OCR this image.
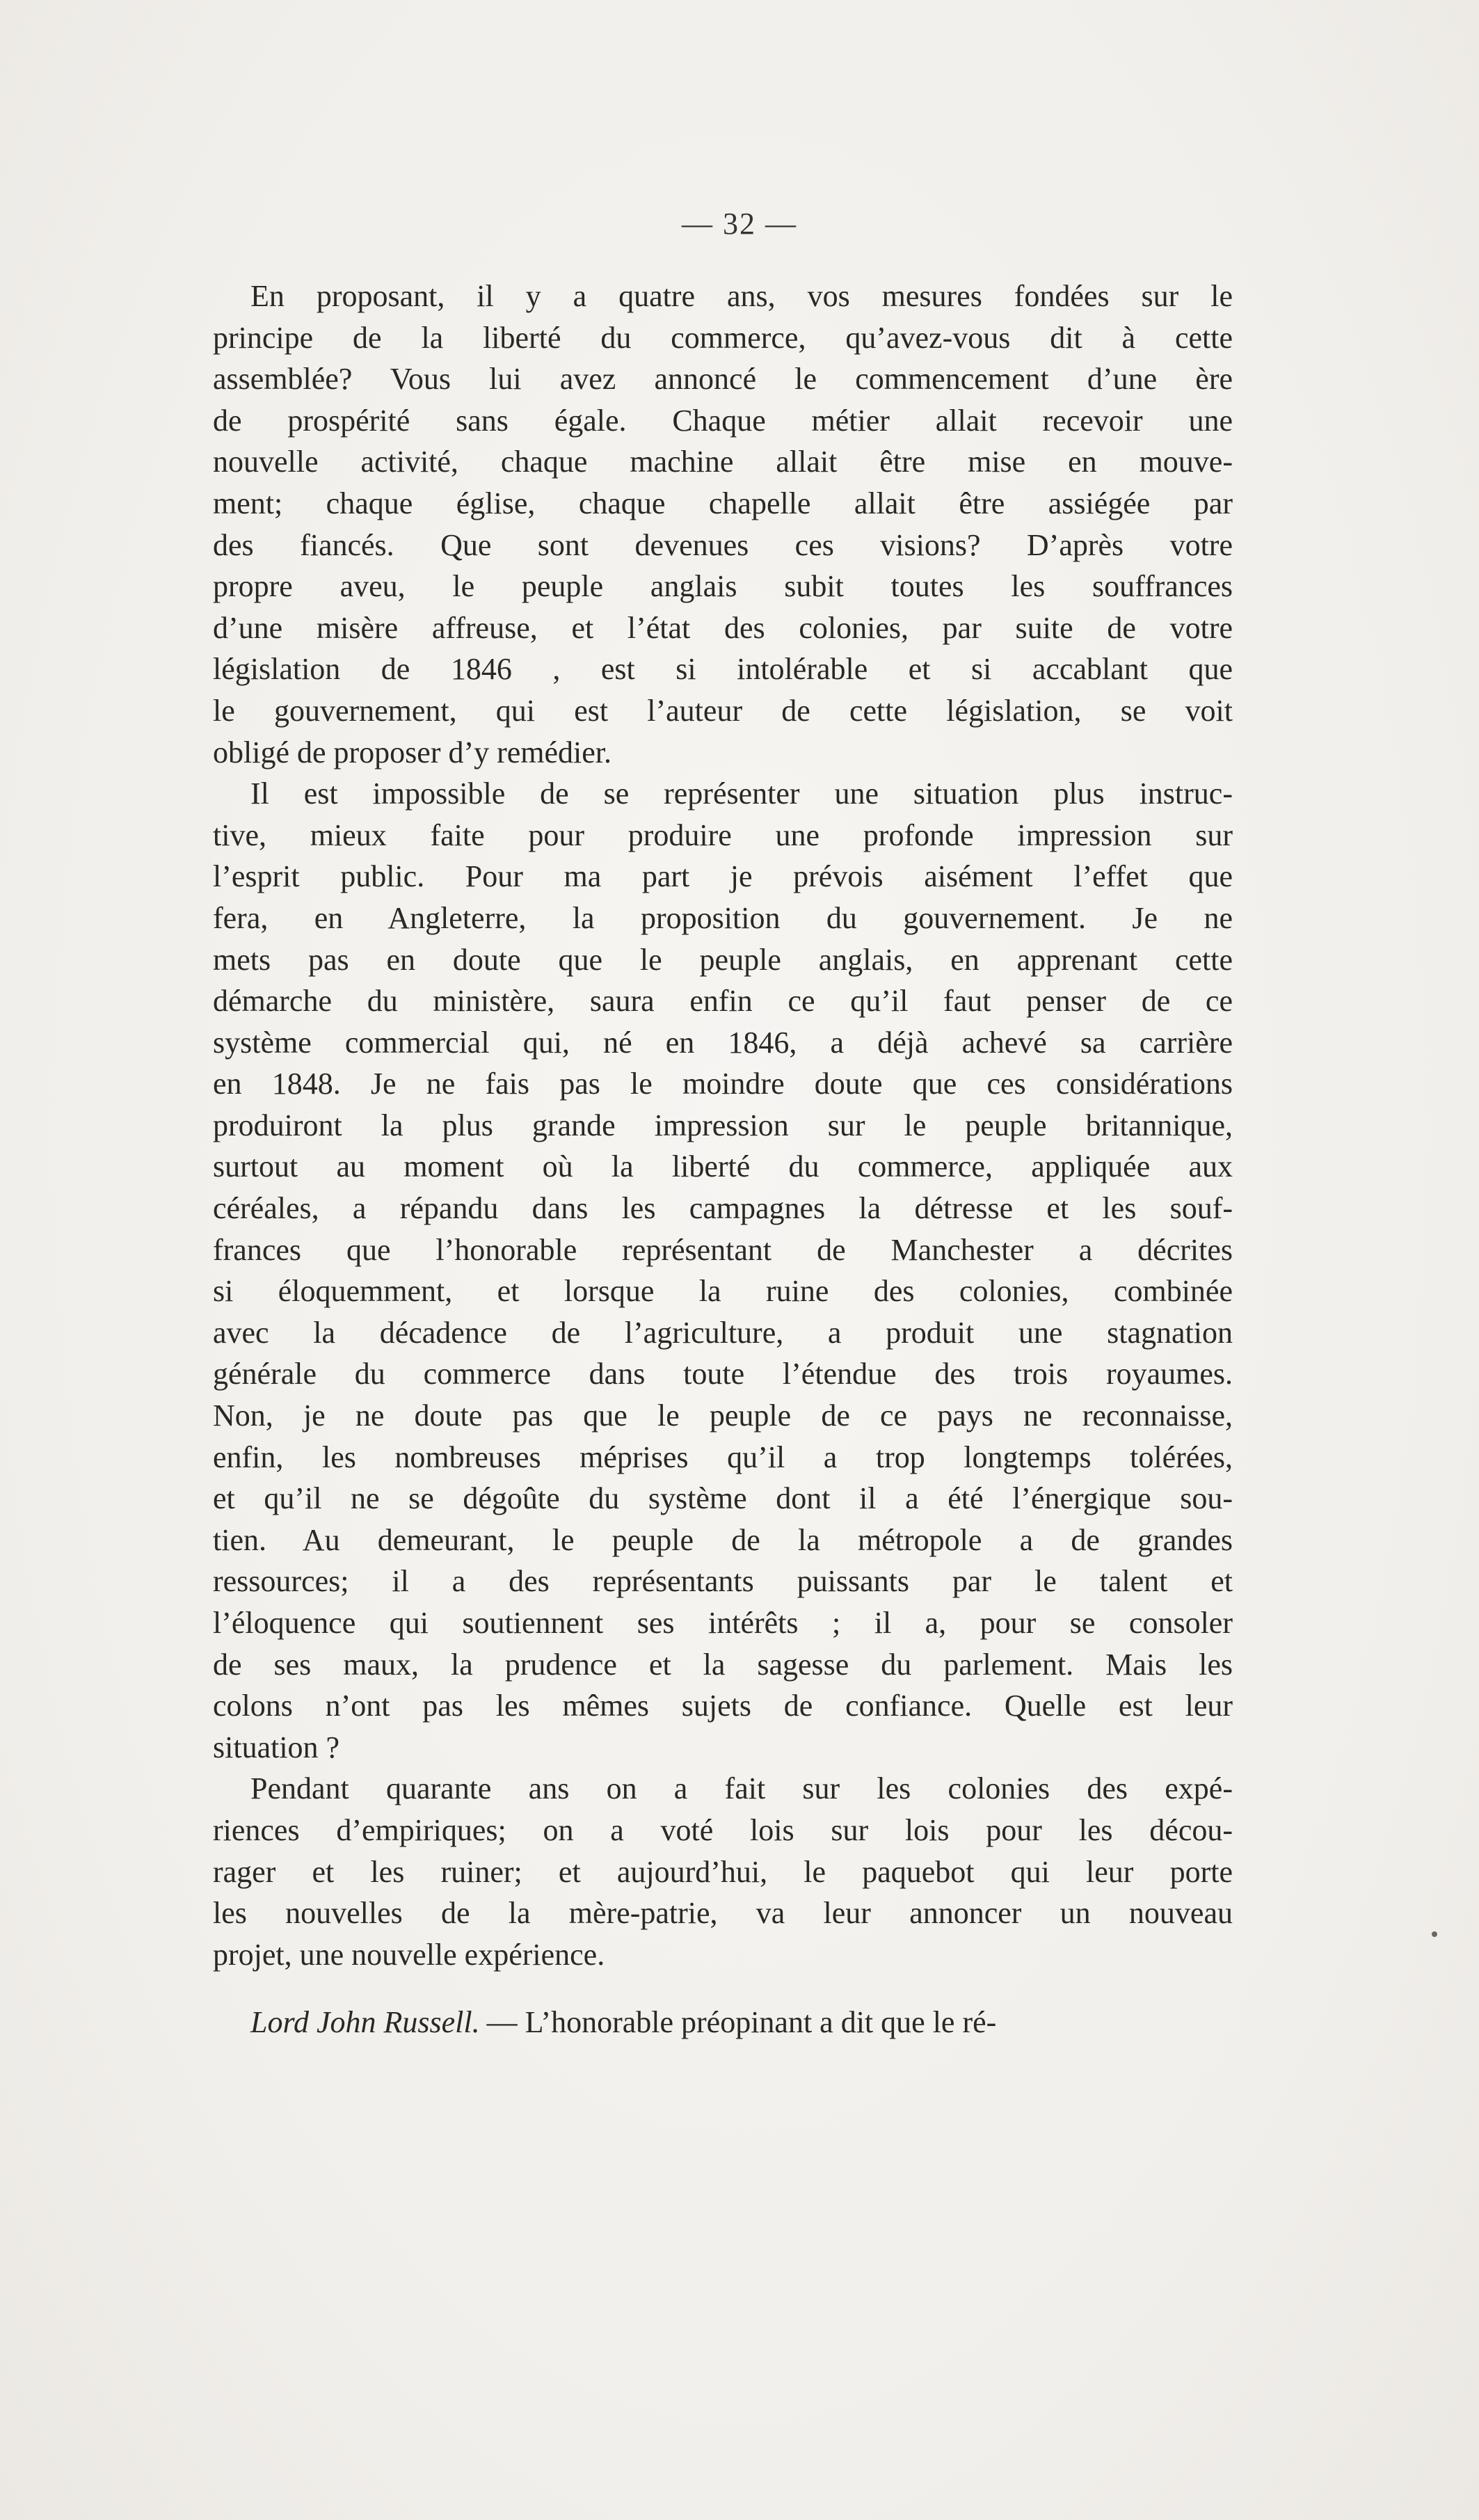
— 32 —
En proposant, il y a quatre ans, vos mesures fondées sur le
principe de la liberté du commerce, qu’avez-vous dit à cette
assemblée? Vous lui avez annoncé le commencement d’une ère
de prospérité sans égale. Chaque métier allait recevoir une
nouvelle activité, chaque machine allait être mise en mouve-
ment; chaque église, chaque chapelle allait être assiégée par
des fiancés. Que sont devenues ces visions? D’après votre
propre aveu, le peuple anglais subit toutes les souffrances
d’une misère affreuse, et l’état des colonies, par suite de votre
législation de 1846 , est si intolérable et si accablant que
le gouvernement, qui est l’auteur de cette législation, se voit
obligé de proposer d’y remédier.
Il est impossible de se représenter une situation plus instruc-
tive, mieux faite pour produire une profonde impression sur
l’esprit public. Pour ma part je prévois aisément l’effet que
fera, en Angleterre, la proposition du gouvernement. Je ne
mets pas en doute que le peuple anglais, en apprenant cette
démarche du ministère, saura enfin ce qu’il faut penser de ce
système commercial qui, né en 1846, a déjà achevé sa carrière
en 1848. Je ne fais pas le moindre doute que ces considérations
produiront la plus grande impression sur le peuple britannique,
surtout au moment où la liberté du commerce, appliquée aux
céréales, a répandu dans les campagnes la détresse et les souf-
frances que l’honorable représentant de Manchester a décrites
si éloquemment, et lorsque la ruine des colonies, combinée
avec la décadence de l’agriculture, a produit une stagnation
générale du commerce dans toute l’étendue des trois royaumes.
Non, je ne doute pas que le peuple de ce pays ne reconnaisse,
enfin, les nombreuses méprises qu’il a trop longtemps tolérées,
et qu’il ne se dégoûte du système dont il a été l’énergique sou-
tien. Au demeurant, le peuple de la métropole a de grandes
ressources; il a des représentants puissants par le talent et
l’éloquence qui soutiennent ses intérêts ; il a, pour se consoler
de ses maux, la prudence et la sagesse du parlement. Mais les
colons n’ont pas les mêmes sujets de confiance. Quelle est leur
situation ?
Pendant quarante ans on a fait sur les colonies des expé-
riences d’empiriques; on a voté lois sur lois pour les décou-
rager et les ruiner; et aujourd’hui, le paquebot qui leur porte
les nouvelles de la mère-patrie, va leur annoncer un nouveau
projet, une nouvelle expérience.
Lord John Russell. — L’honorable préopinant a dit que le ré-
